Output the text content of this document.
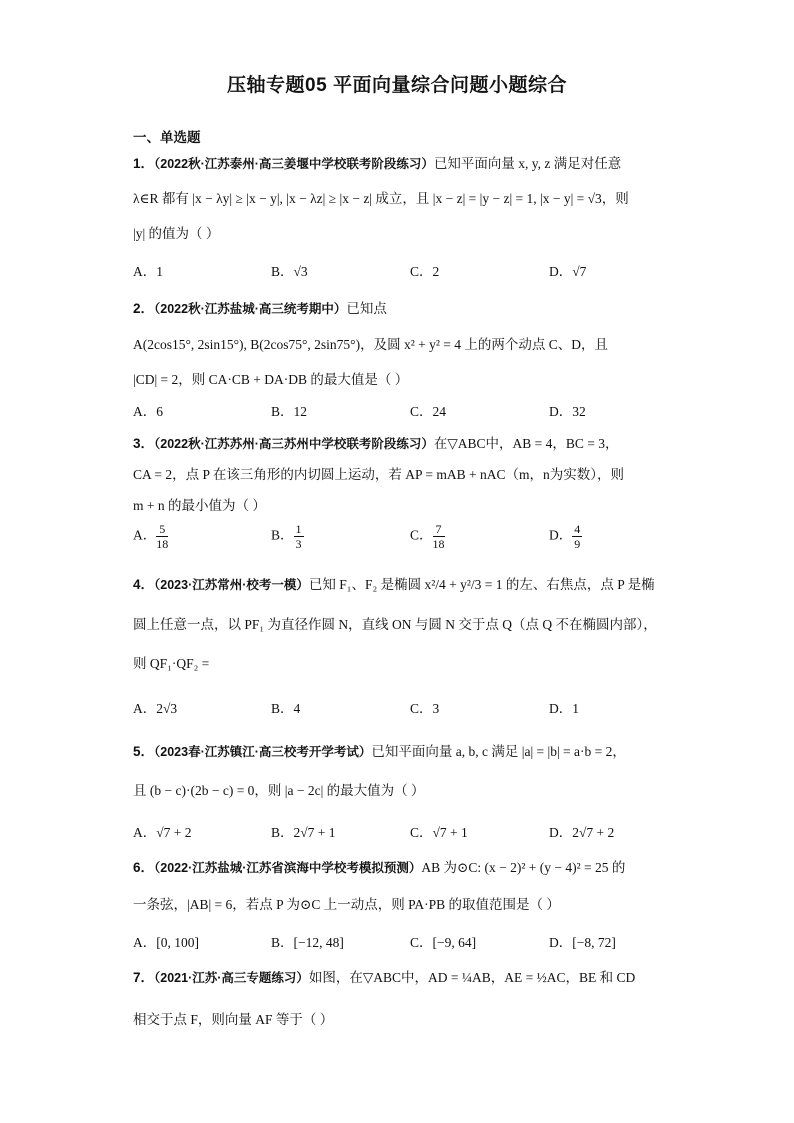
压轴专题05 平面向量综合问题小题综合
一、单选题
1．（2022秋·江苏泰州·高三姜堰中学校联考阶段练习）已知平面向量 x, y, z 满足对任意
λ∈R 都有 |x − λy| ≥ |x − y|, |x − λz| ≥ |x − z| 成立，且 |x − z| = |y − z| = 1, |x − y| = √3，则
|y| 的值为（ ）
A．1	B．√3	C．2	D．√7
2．（2022秋·江苏盐城·高三统考期中）已知点
A(2cos15°, 2sin15°), B(2cos75°, 2sin75°)，及圆 x² + y² = 4 上的两个动点 C、D，且
|CD| = 2，则 CA·CB + DA·DB 的最大值是（ ）
A．6	B．12	C．24	D．32
3．（2022秋·江苏苏州·高三苏州中学校联考阶段练习）在▽ABC中，AB = 4，BC = 3，
CA = 2，点 P 在该三角形的内切圆上运动，若 AP = mAB + nAC（m，n为实数），则
m + n 的最小值为（ ）
A． $\frac{5}{18}$	B． $\frac{1}{3}$	C． $\frac{7}{18}$	D． $\frac{4}{9}$
4．（2023·江苏常州·校考一模）已知 F₁、F₂ 是椭圆 x²/4 + y²/3 = 1 的左、右焦点，点 P 是椭
圆上任意一点，以 PF₁ 为直径作圆 N，直线 ON 与圆 N 交于点 Q（点 Q 不在椭圆内部），
则 QF₁·QF₂ =
A．2√3	B．4	C．3	D．1
5．（2023春·江苏镇江·高三校考开学考试）已知平面向量 a, b, c 满足 |a| = |b| = a·b = 2，
且 (b − c)·(2b − c) = 0，则 |a − 2c| 的最大值为（ ）
A．√7 + 2	B．2√7 + 1	C．√7 + 1	D．2√7 + 2
6．（2022·江苏盐城·江苏省滨海中学校考模拟预测）AB 为⊙C: (x − 2)² + (y − 4)² = 25 的
一条弦，|AB| = 6，若点 P 为⊙C 上一动点，则 PA·PB 的取值范围是（ ）
A．[0, 100]	B．[−12, 48]	C．[−9, 64]	D．[−8, 72]
7．（2021·江苏·高三专题练习）如图，在▽ABC中，AD = ¼AB，AE = ½AC，BE 和 CD
相交于点 F，则向量 AF 等于（ ）
